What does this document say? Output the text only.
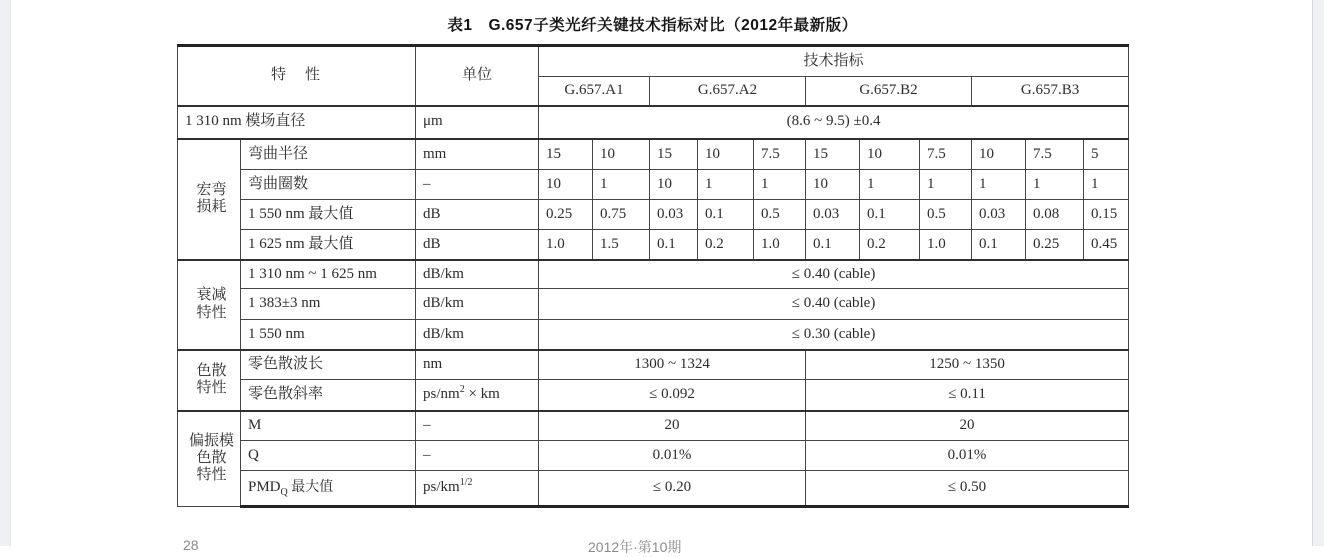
表1　G.657子类光纤关键技术指标对比（2012年最新版）
特　性		单位	技术指标										
			G.657.A1		G.657.A2			G.657.B2			G.657.B3		
1 310 nm 模场直径		μm	(8.6 ~ 9.5) ±0.4										

宏弯
损耗	弯曲半径	mm	15	10	15	10	7.5	15	10	7.5	10	7.5	5
	弯曲圈数	–	10	1	10	1	1	10	1	1	1	1	1
	1 550 nm 最大值	dB	0.25	0.75	0.03	0.1	0.5	0.03	0.1	0.5	0.03	0.08	0.15
	1 625 nm 最大值	dB	1.0	1.5	0.1	0.2	1.0	0.1	0.2	1.0	0.1	0.25	0.45

衰减
特性	1 310 nm ~ 1 625 nm	dB/km	≤ 0.40 (cable)										
	1 383±3 nm	dB/km	≤ 0.40 (cable)										
	1 550 nm	dB/km	≤ 0.30 (cable)										

色散
特性	零色散波长	nm	1300 ~ 1324					1250 ~ 1350					
	零色散斜率	$ps/nm^2$ × km	≤ 0.092					≤ 0.11					

偏振模
色散
特性	M	–	20					20					
	Q	–	0.01%					0.01%					
	$PMD_Q$ 最大值	$ps/km^{1/2}$	≤ 0.20					≤ 0.50					
28	2012年·第10期
